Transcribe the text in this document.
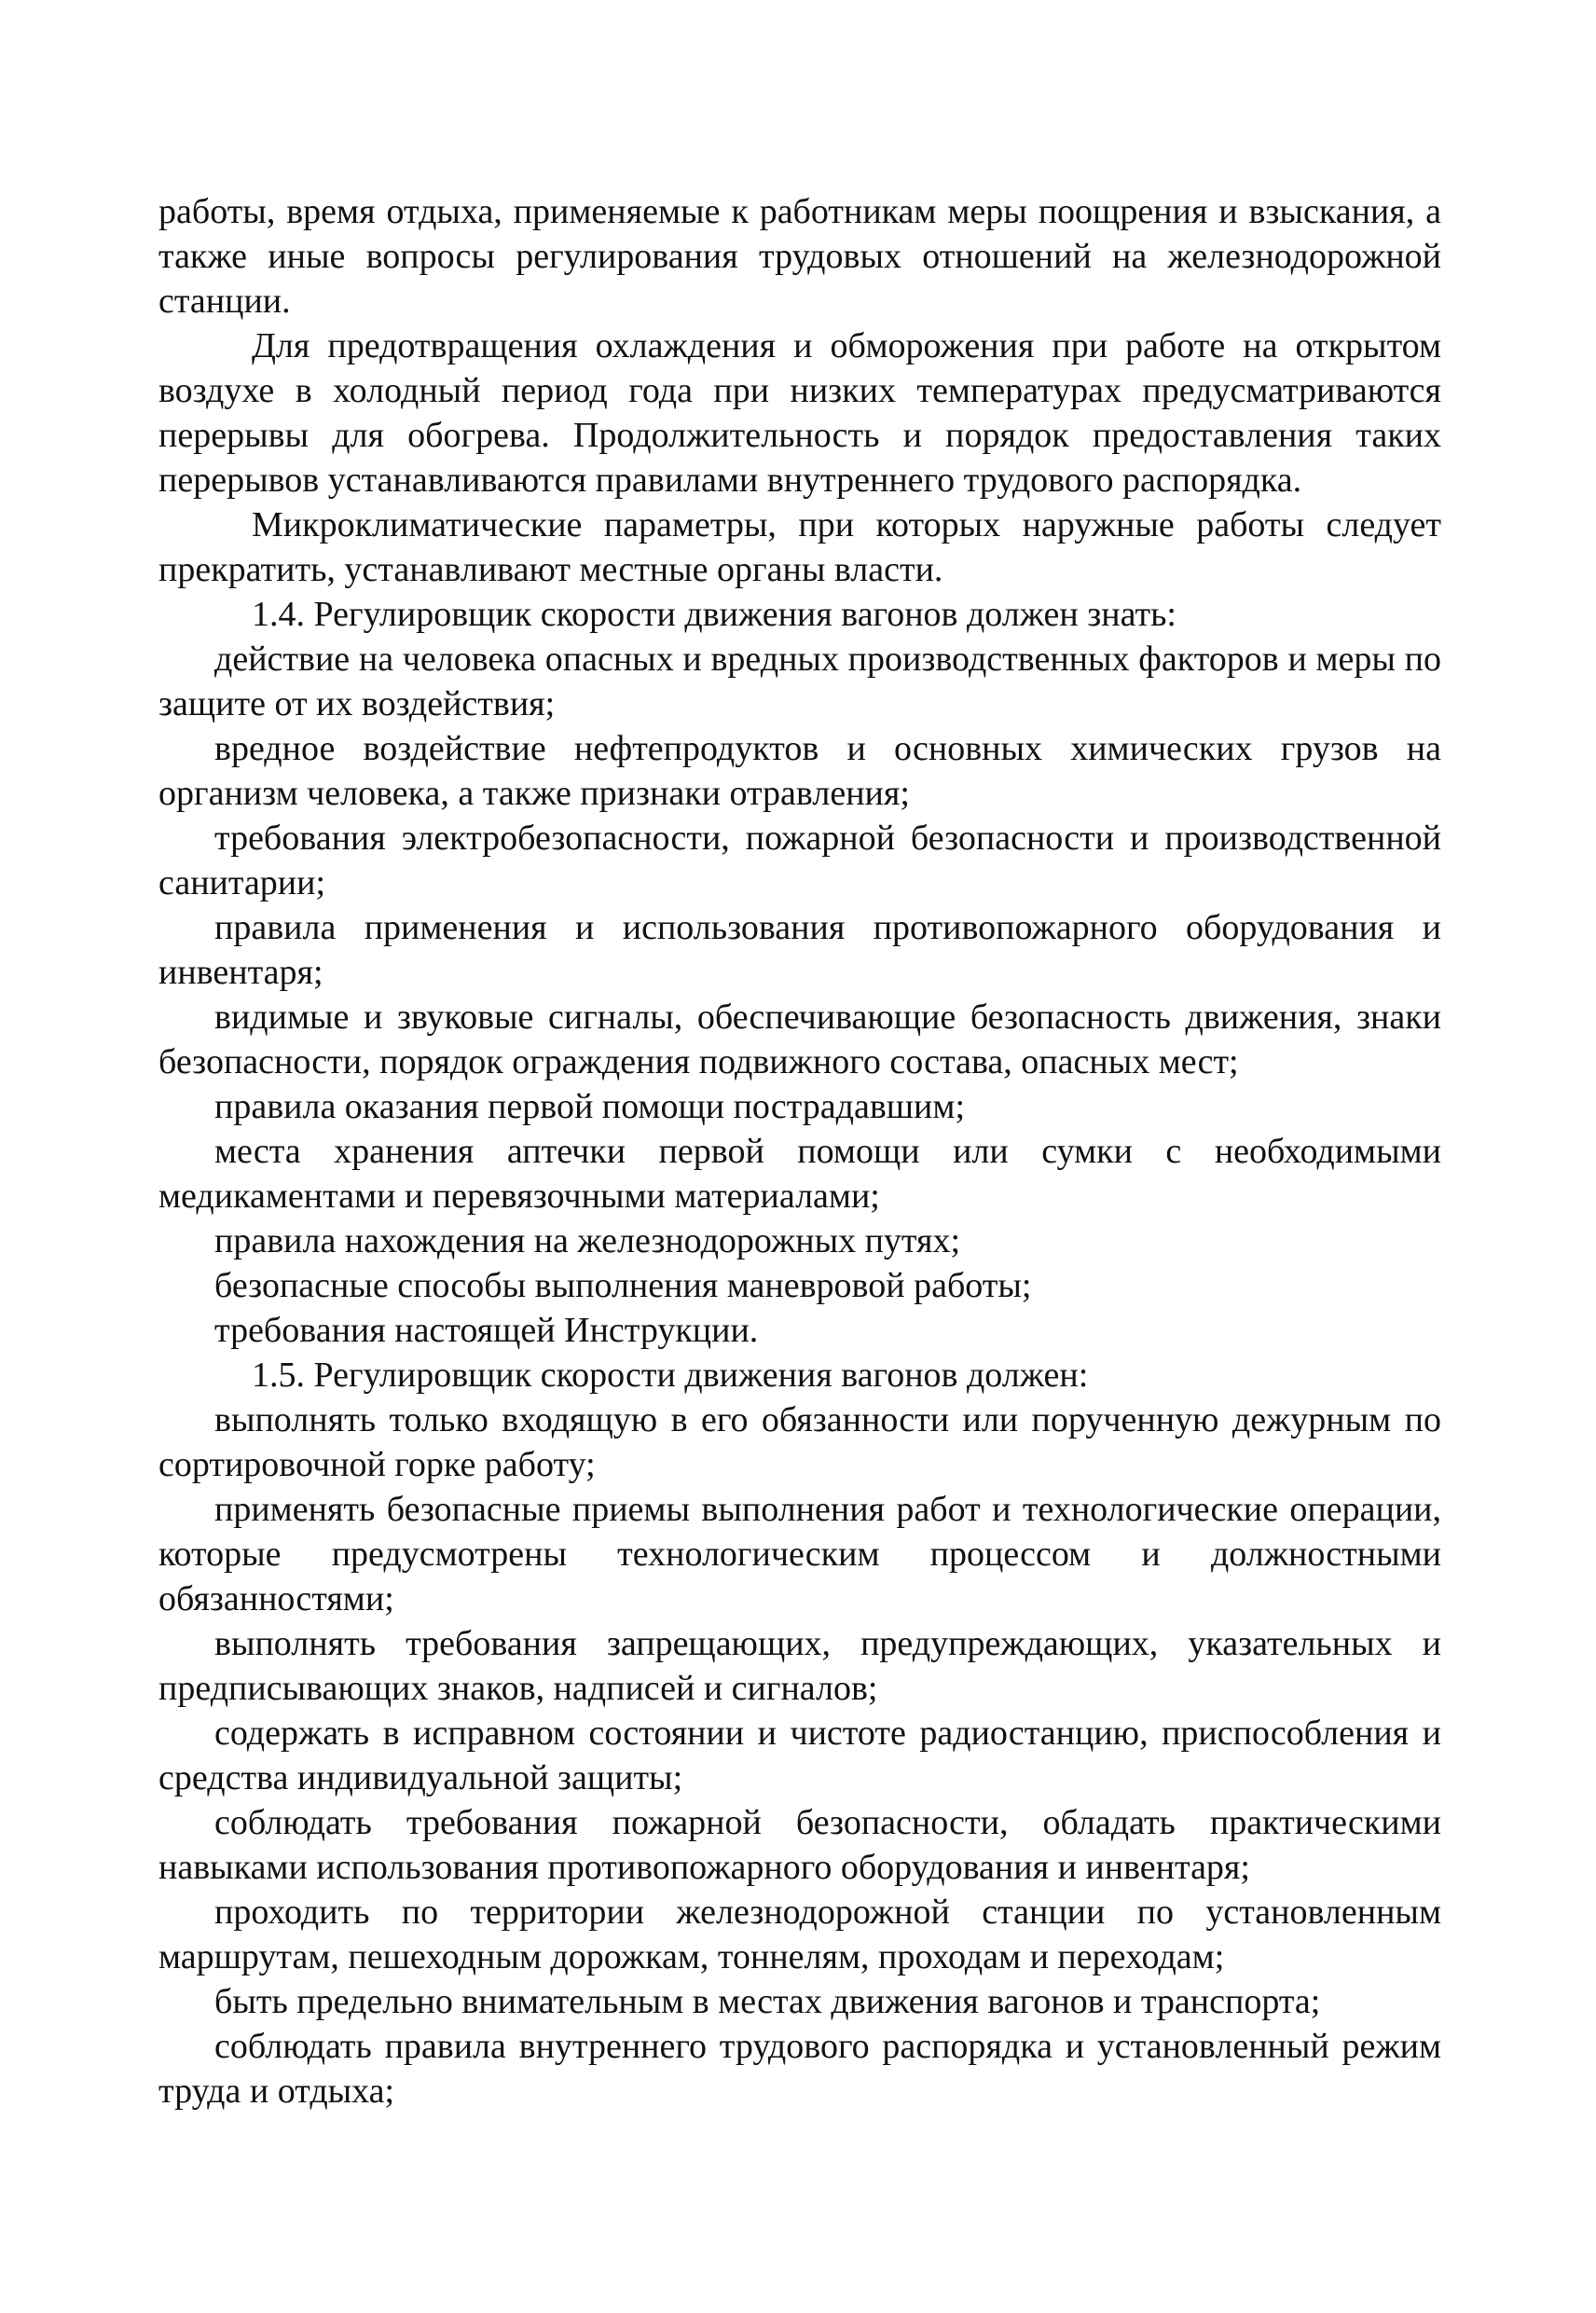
работы, время отдыха, применяемые к работникам меры поощрения и взыскания, а также иные вопросы регулирования трудовых отношений на железнодорожной станции.

Для предотвращения охлаждения и обморожения при работе на открытом воздухе в холодный период года при низких температурах предусматриваются перерывы для обогрева. Продолжительность и порядок предоставления таких перерывов устанавливаются правилами внутреннего трудового распорядка.

Микроклиматические параметры, при которых наружные работы следует прекратить, устанавливают местные органы власти.

1.4. Регулировщик скорости движения вагонов должен знать:

действие на человека опасных и вредных производственных факторов и меры по защите от их воздействия;

вредное воздействие нефтепродуктов и основных химических грузов на организм человека, а также признаки отравления;

требования электробезопасности, пожарной безопасности и производственной санитарии;

правила применения и использования противопожарного оборудования и инвентаря;

видимые и звуковые сигналы, обеспечивающие безопасность движения, знаки безопасности, порядок ограждения подвижного состава, опасных мест;

правила оказания первой помощи пострадавшим;

места хранения аптечки первой помощи или сумки с необходимыми медикаментами и перевязочными материалами;

правила нахождения на железнодорожных путях;

безопасные способы выполнения маневровой работы;

требования настоящей Инструкции.

1.5. Регулировщик скорости движения вагонов должен:

выполнять только входящую в его обязанности или порученную дежурным по сортировочной горке работу;

применять безопасные приемы выполнения работ и технологические операции, которые предусмотрены технологическим процессом и должностными обязанностями;

выполнять требования запрещающих, предупреждающих, указательных и предписывающих знаков, надписей и сигналов;

содержать в исправном состоянии и чистоте радиостанцию, приспособления и средства индивидуальной защиты;

соблюдать требования пожарной безопасности, обладать практическими навыками использования противопожарного оборудования и инвентаря;

проходить по территории железнодорожной станции по установленным маршрутам, пешеходным дорожкам, тоннелям, проходам и переходам;

быть предельно внимательным в местах движения вагонов и транспорта;

соблюдать правила внутреннего трудового распорядка и установленный режим труда и отдыха;
